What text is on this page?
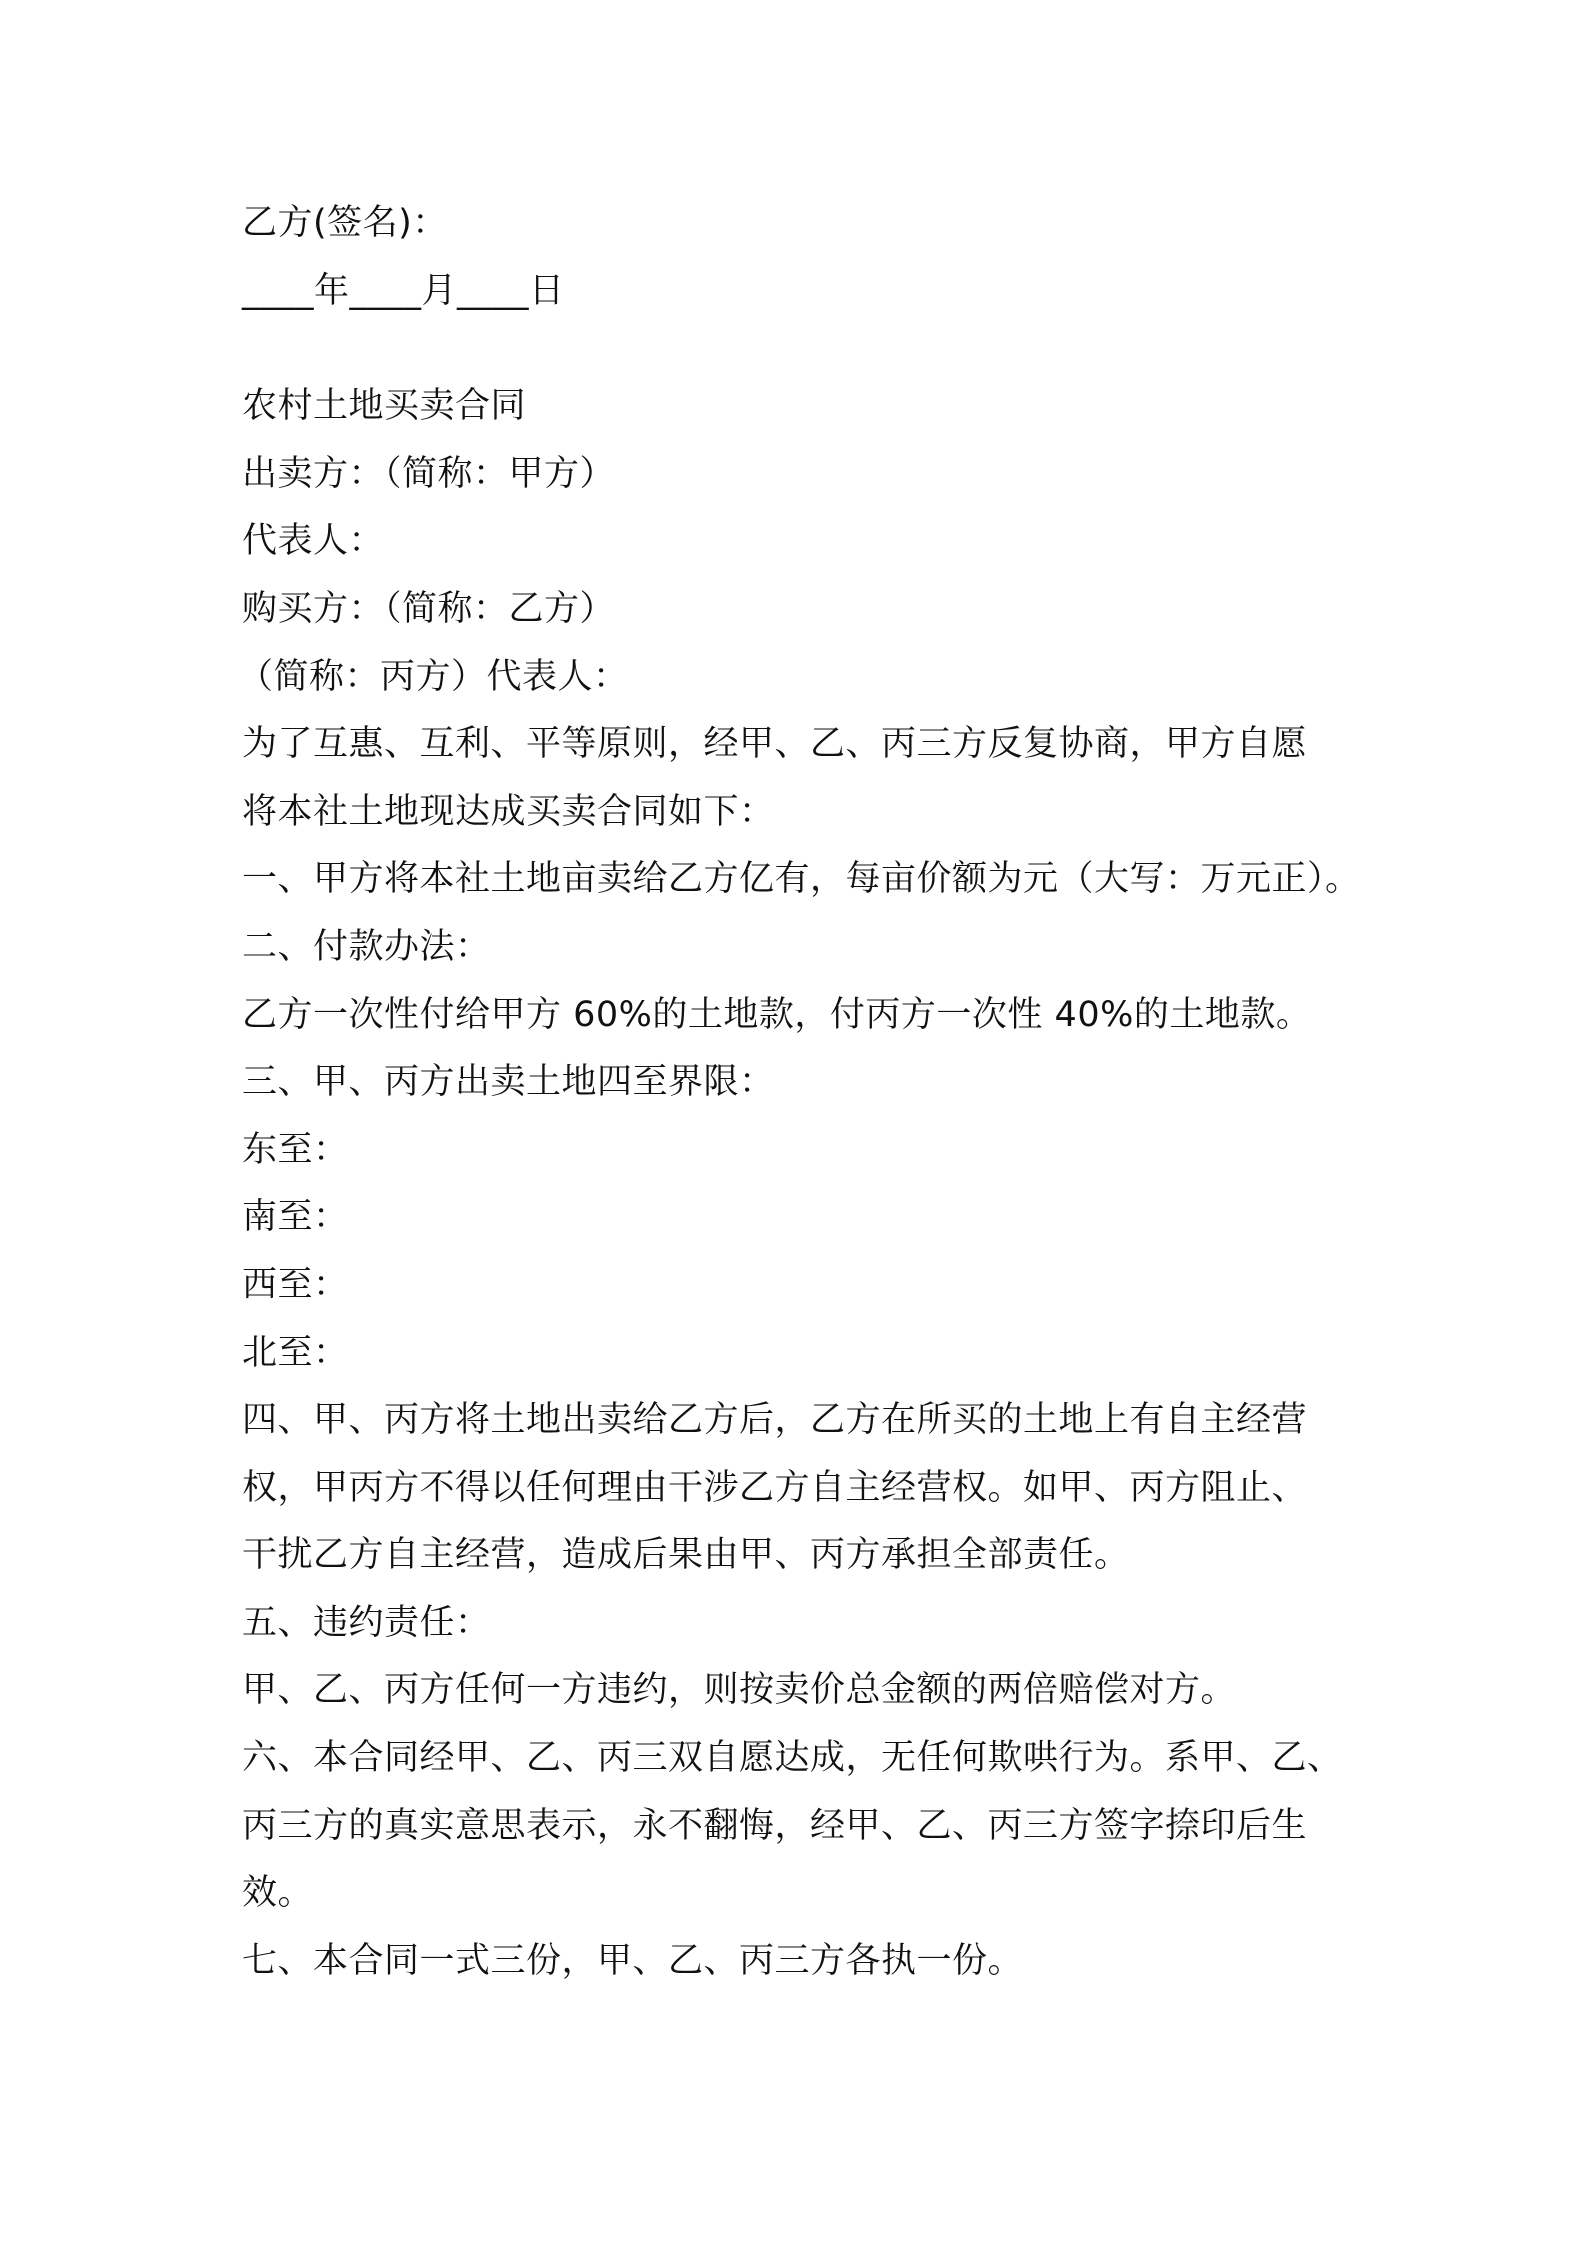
乙方(签名)：
____年____月____日
农村土地买卖合同
出卖方：（简称：甲方）
代表人：
购买方：（简称：乙方）
（简称：丙方）代表人：
为了互惠、互利、平等原则，经甲、乙、丙三方反复协商，甲方自愿
将本社土地现达成买卖合同如下：
一、甲方将本社土地亩卖给乙方亿有，每亩价额为元（大写：万元正）。
二、付款办法：
乙方一次性付给甲方 60%的土地款，付丙方一次性 40%的土地款。
三、甲、丙方出卖土地四至界限：
东至：
南至：
西至：
北至：
四、甲、丙方将土地出卖给乙方后，乙方在所买的土地上有自主经营
权，甲丙方不得以任何理由干涉乙方自主经营权。如甲、丙方阻止、
干扰乙方自主经营，造成后果由甲、丙方承担全部责任。
五、违约责任：
甲、乙、丙方任何一方违约，则按卖价总金额的两倍赔偿对方。
六、本合同经甲、乙、丙三双自愿达成，无任何欺哄行为。系甲、乙、
丙三方的真实意思表示，永不翻悔，经甲、乙、丙三方签字捺印后生
效。
七、本合同一式三份，甲、乙、丙三方各执一份。
